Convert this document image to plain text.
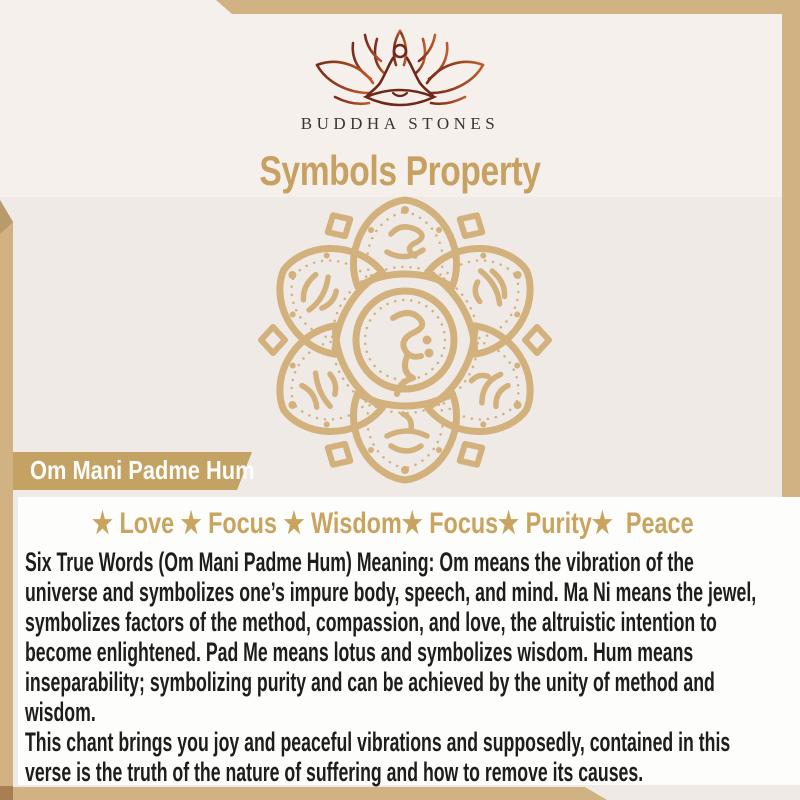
BUDDHA STONES
Symbols Property
Om Mani Padme Hum
★ Love ★ Focus ★ Wisdom★ Focus★ Purity★  Peace
Six True Words (Om Mani Padme Hum) Meaning: Om means the vibration of the
universe and symbolizes one’s impure body, speech, and mind. Ma Ni means the jewel,
symbolizes factors of the method, compassion, and love, the altruistic intention to
become enlightened. Pad Me means lotus and symbolizes wisdom. Hum means
inseparability; symbolizing purity and can be achieved by the unity of method and
wisdom.
This chant brings you joy and peaceful vibrations and supposedly, contained in this
verse is the truth of the nature of suffering and how to remove its causes.
